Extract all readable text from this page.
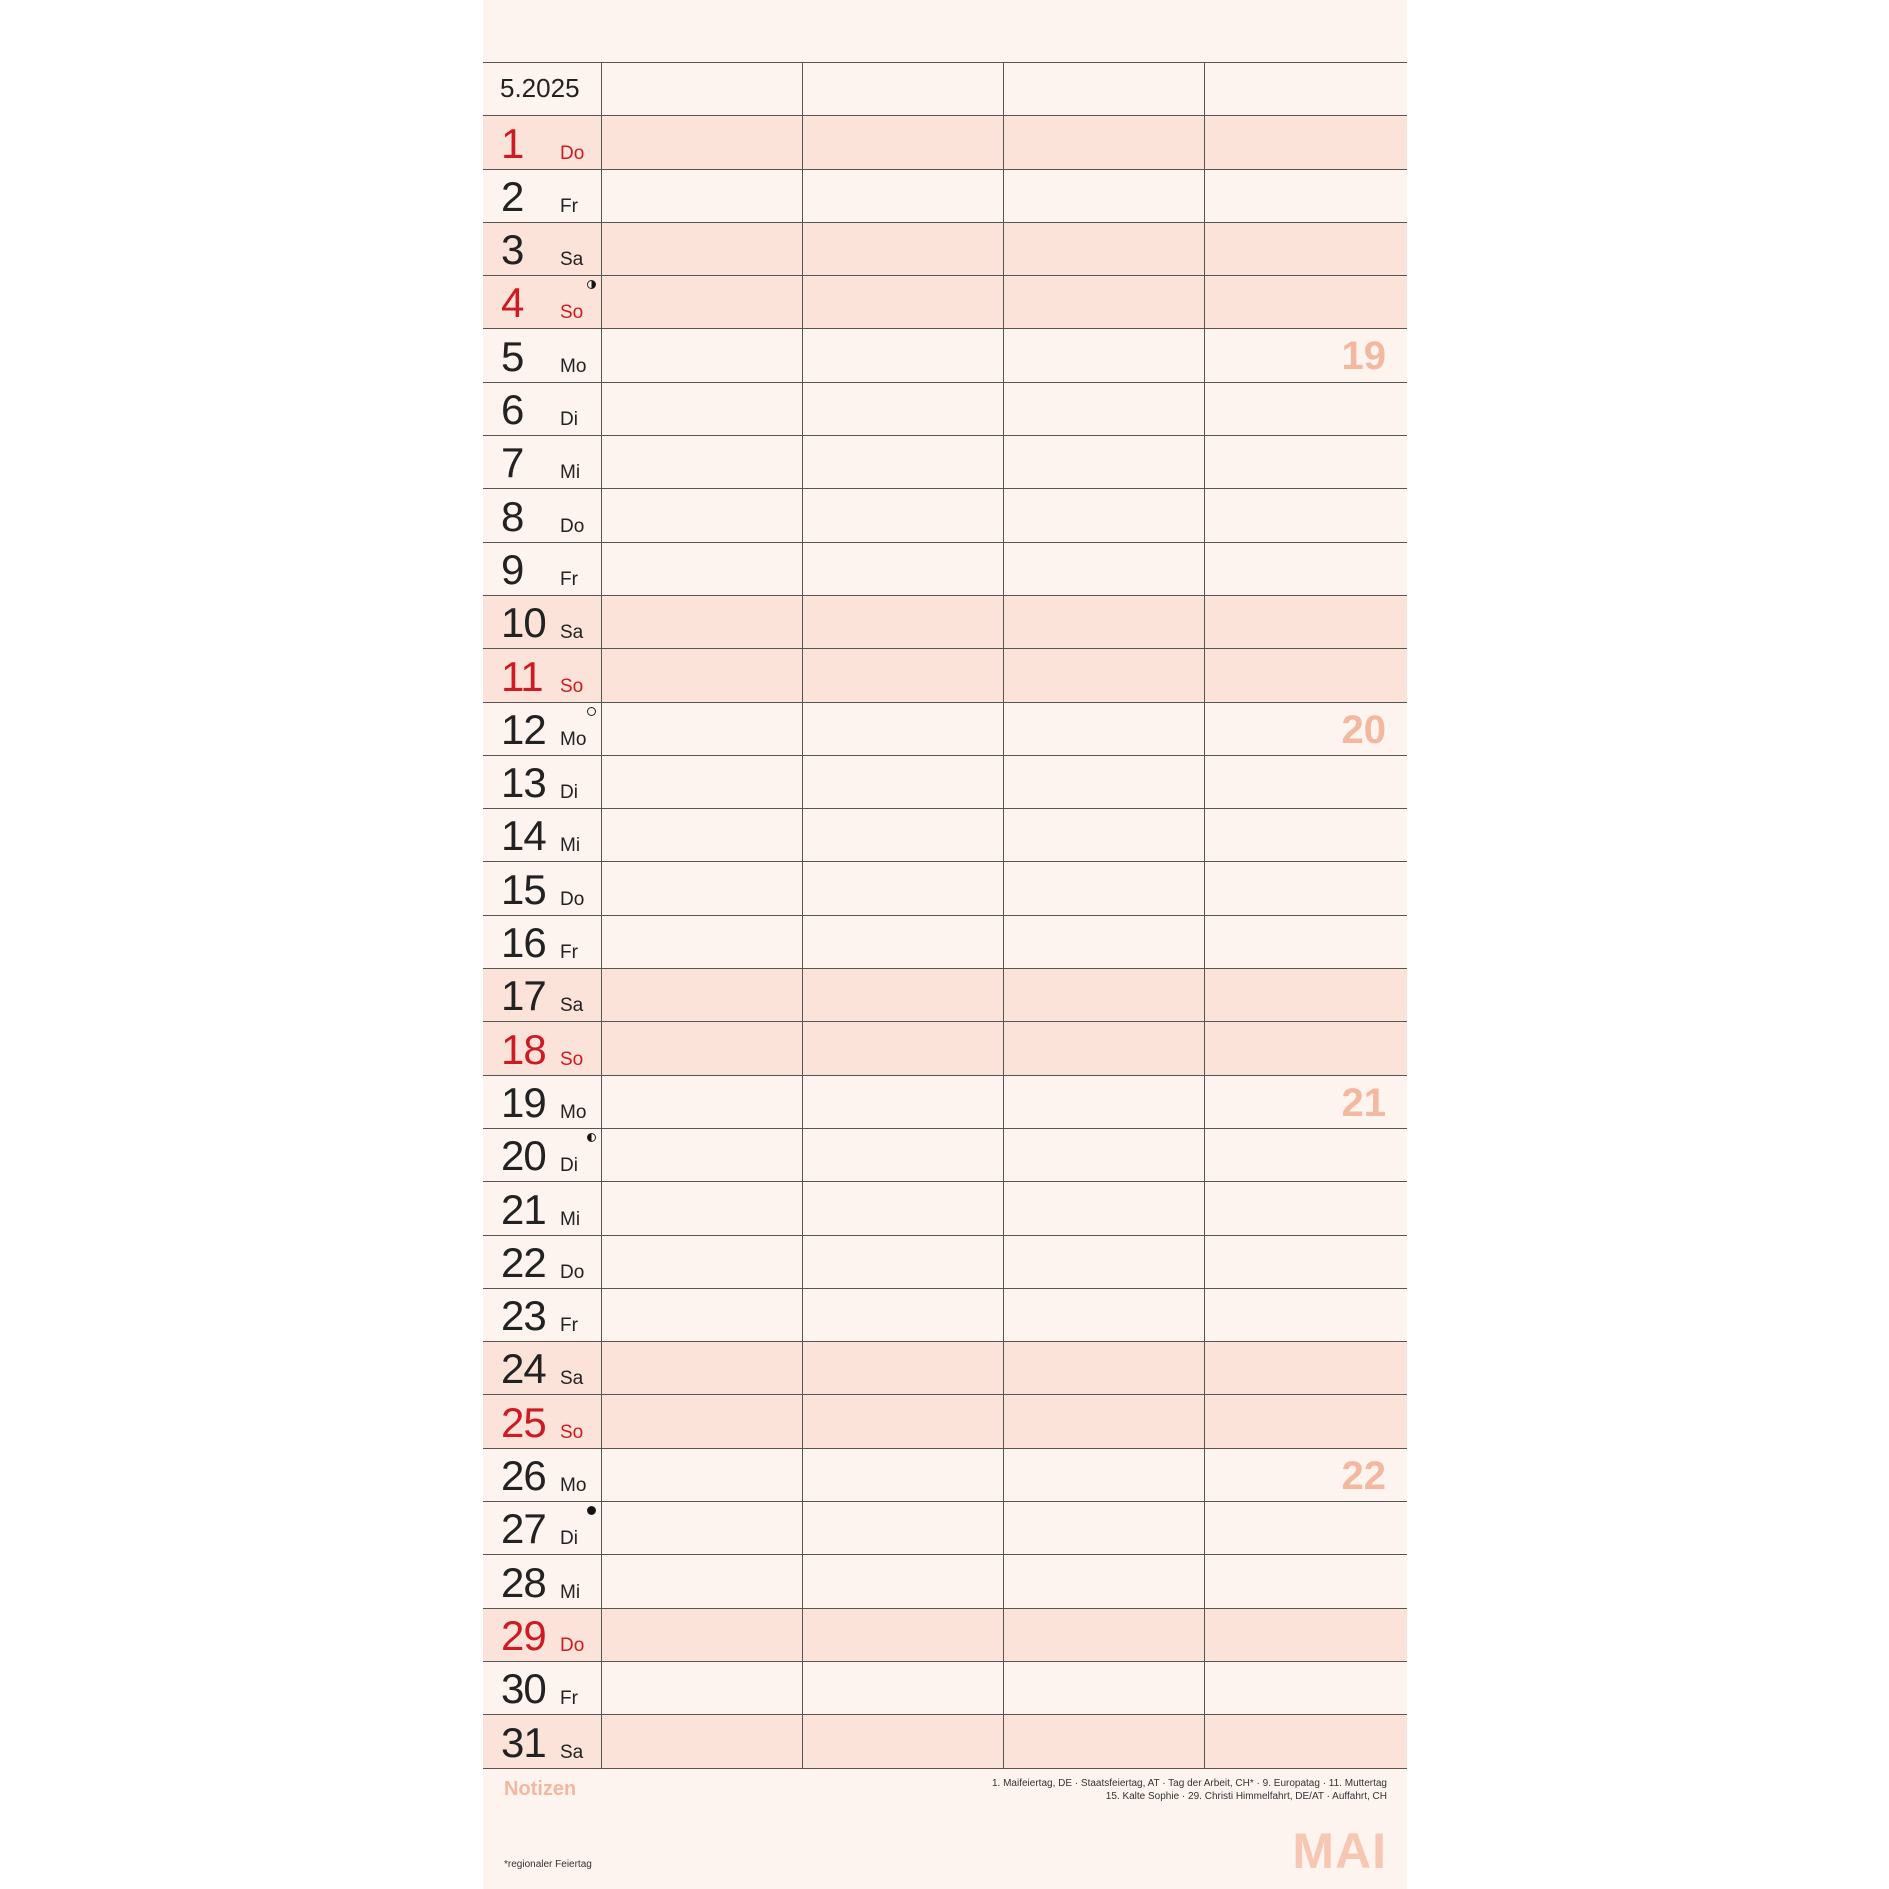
5.2025
1 Do
2 Fr
3 Sa
4 So
5 Mo	19
6 Di
7 Mi
8 Do
9 Fr
10 Sa
11 So
12 Mo	20
13 Di
14 Mi
15 Do
16 Fr
17 Sa
18 So
19 Mo	21
20 Di
21 Mi
22 Do
23 Fr
24 Sa
25 So
26 Mo	22
27 Di
28 Mi
29 Do
30 Fr
31 Sa
Notizen	1. Maifeiertag, DE · Staatsfeiertag, AT · Tag der Arbeit, CH* · 9. Europatag · 11. Muttertag
15. Kalte Sophie · 29. Christi Himmelfahrt, DE/AT · Auffahrt, CH
*regionaler Feiertag	MAI
